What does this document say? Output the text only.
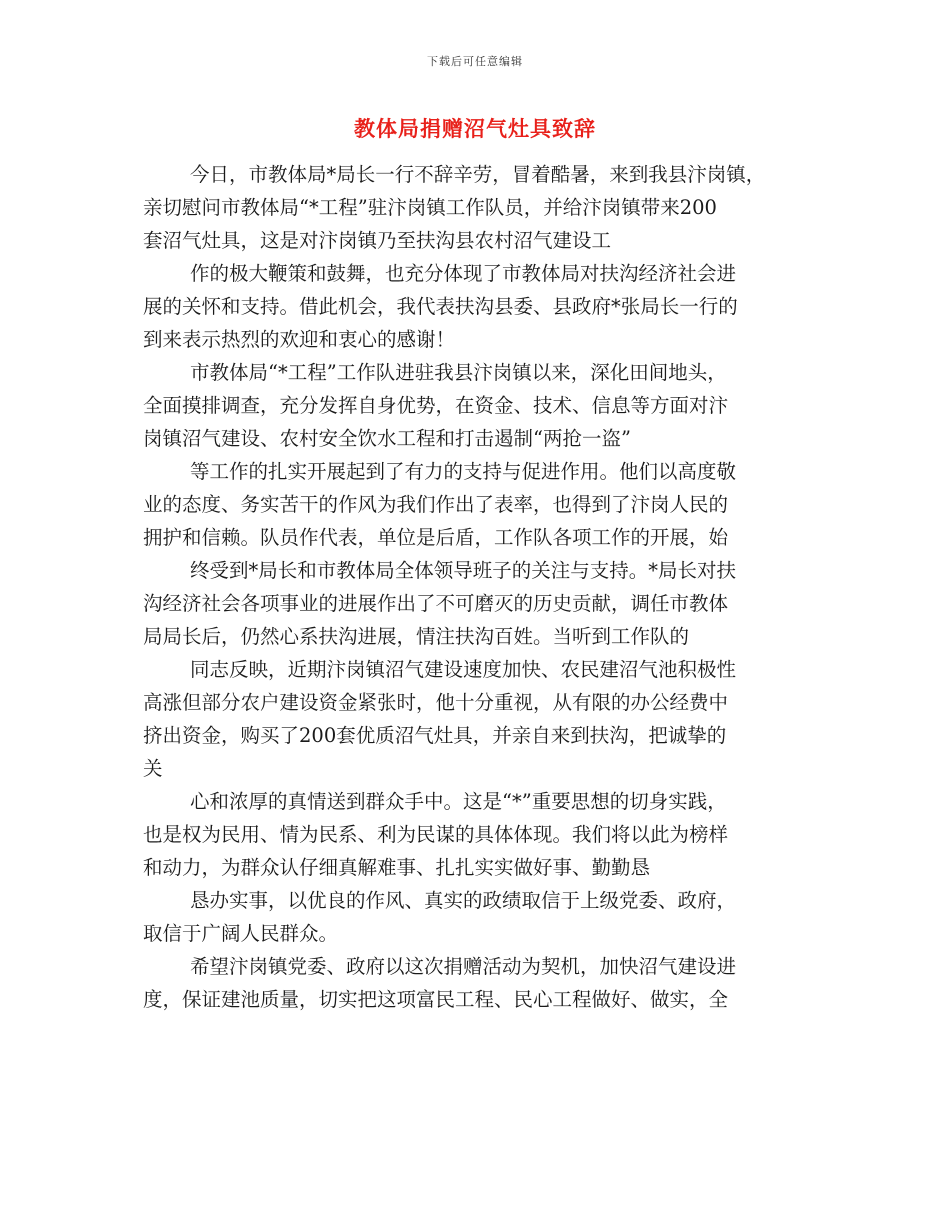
下载后可任意编辑
教体局捐赠沼气灶具致辞
今日，市教体局*局长一行不辞辛劳，冒着酷暑，来到我县汴岗镇，
亲切慰问市教体局“*工程”驻汴岗镇工作队员，并给汴岗镇带来200
套沼气灶具，这是对汴岗镇乃至扶沟县农村沼气建设工
作的极大鞭策和鼓舞，也充分体现了市教体局对扶沟经济社会进
展的关怀和支持。借此机会，我代表扶沟县委、县政府*张局长一行的
到来表示热烈的欢迎和衷心的感谢！
市教体局“*工程”工作队进驻我县汴岗镇以来，深化田间地头，
全面摸排调查，充分发挥自身优势，在资金、技术、信息等方面对汴
岗镇沼气建设、农村安全饮水工程和打击遏制“两抢一盗”
等工作的扎实开展起到了有力的支持与促进作用。他们以高度敬
业的态度、务实苦干的作风为我们作出了表率，也得到了汴岗人民的
拥护和信赖。队员作代表，单位是后盾，工作队各项工作的开展，始
终受到*局长和市教体局全体领导班子的关注与支持。*局长对扶
沟经济社会各项事业的进展作出了不可磨灭的历史贡献，调任市教体
局局长后，仍然心系扶沟进展，情注扶沟百姓。当听到工作队的
同志反映，近期汴岗镇沼气建设速度加快、农民建沼气池积极性
高涨但部分农户建设资金紧张时，他十分重视，从有限的办公经费中
挤出资金，购买了200套优质沼气灶具，并亲自来到扶沟，把诚挚的
关
心和浓厚的真情送到群众手中。这是“*”重要思想的切身实践，
也是权为民用、情为民系、利为民谋的具体体现。我们将以此为榜样
和动力，为群众认仔细真解难事、扎扎实实做好事、勤勤恳
恳办实事，以优良的作风、真实的政绩取信于上级党委、政府，
取信于广阔人民群众。
希望汴岗镇党委、政府以这次捐赠活动为契机，加快沼气建设进
度，保证建池质量，切实把这项富民工程、民心工程做好、做实，全
